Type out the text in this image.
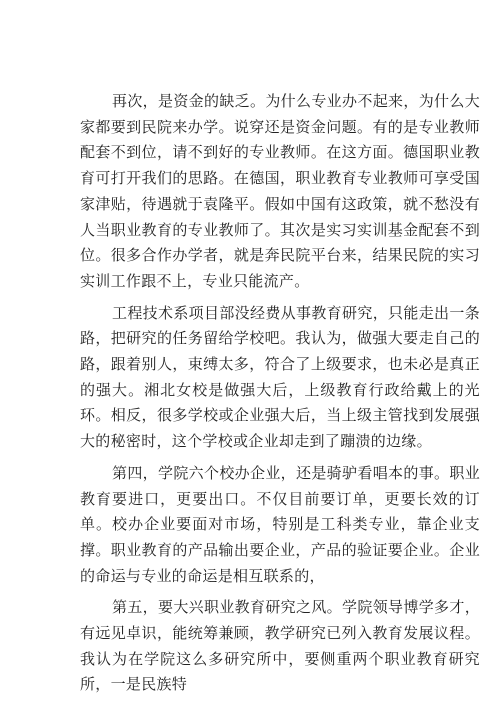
再次，是资金的缺乏。为什么专业办不起来，为什么大家都要到民院来办学。说穿还是资金问题。有的是专业教师配套不到位，请不到好的专业教师。在这方面。德国职业教育可打开我们的思路。在德国，职业教育专业教师可享受国家津贴，待遇就于袁隆平。假如中国有这政策，就不愁没有人当职业教育的专业教师了。其次是实习实训基金配套不到位。很多合作办学者，就是奔民院平台来，结果民院的实习实训工作跟不上，专业只能流产。

工程技术系项目部没经费从事教育研究，只能走出一条路，把研究的任务留给学校吧。我认为，做强大要走自己的路，跟着别人，束缚太多，符合了上级要求，也未必是真正的强大。湘北女校是做强大后，上级教育行政给戴上的光环。相反，很多学校或企业强大后，当上级主管找到发展强大的秘密时，这个学校或企业却走到了蹦溃的边缘。

第四，学院六个校办企业，还是骑驴看唱本的事。职业教育要进口，更要出口。不仅目前要订单，更要长效的订单。校办企业要面对市场，特别是工科类专业，靠企业支撑。职业教育的产品输出要企业，产品的验证要企业。企业的命运与专业的命运是相互联系的，

第五，要大兴职业教育研究之风。学院领导博学多才，有远见卓识，能统筹兼顾，教学研究已列入教育发展议程。我认为在学院这么多研究所中，要侧重两个职业教育研究所，一是民族特
